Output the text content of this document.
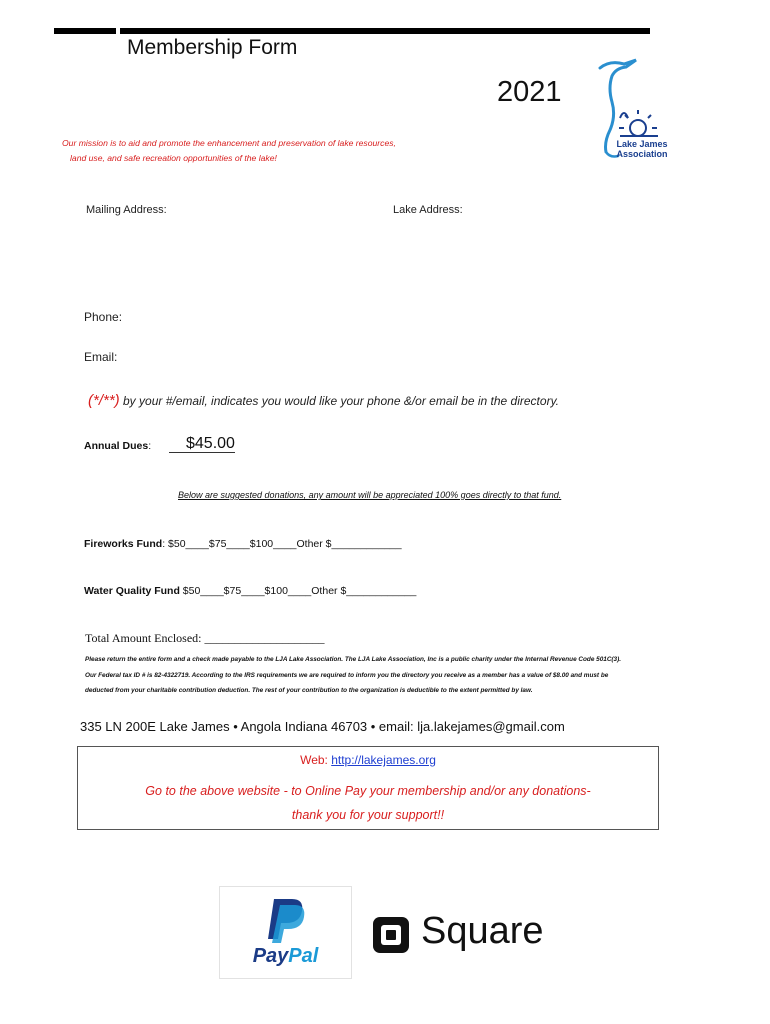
Membership Form
2021
Our mission is to aid and promote the enhancement and preservation of lake resources,
land use, and safe recreation opportunities of the lake!
Lake James
Association
Mailing Address:	Lake Address:
Phone:
Email:
(*/**) by your #/email, indicates you would like your phone &/or email be in the directory.
Annual Dues: $45.00
Below are suggested donations, any amount will be appreciated 100% goes directly to that fund.
Fireworks Fund: $50____$75____$100____Other $____________
Water Quality Fund $50____$75____$100____Other $____________
Total Amount Enclosed: ____________________
Please return the entire form and a check made payable to the LJA Lake Association. The LJA Lake Association, Inc is a public charity under the Internal Revenue Code 501C(3).
Our Federal tax ID # is 82-4322719. According to the IRS requirements we are required to inform you the directory you receive as a member has a value of $8.00 and must be
deducted from your charitable contribution deduction. The rest of your contribution to the organization is deductible to the extent permitted by law.
335 LN 200E Lake James • Angola Indiana 46703 • email: lja.lakejames@gmail.com
Web: http://lakejames.org
Go to the above website - to Online Pay your membership and/or any donations-
thank you for your support!!
PayPal
Square
